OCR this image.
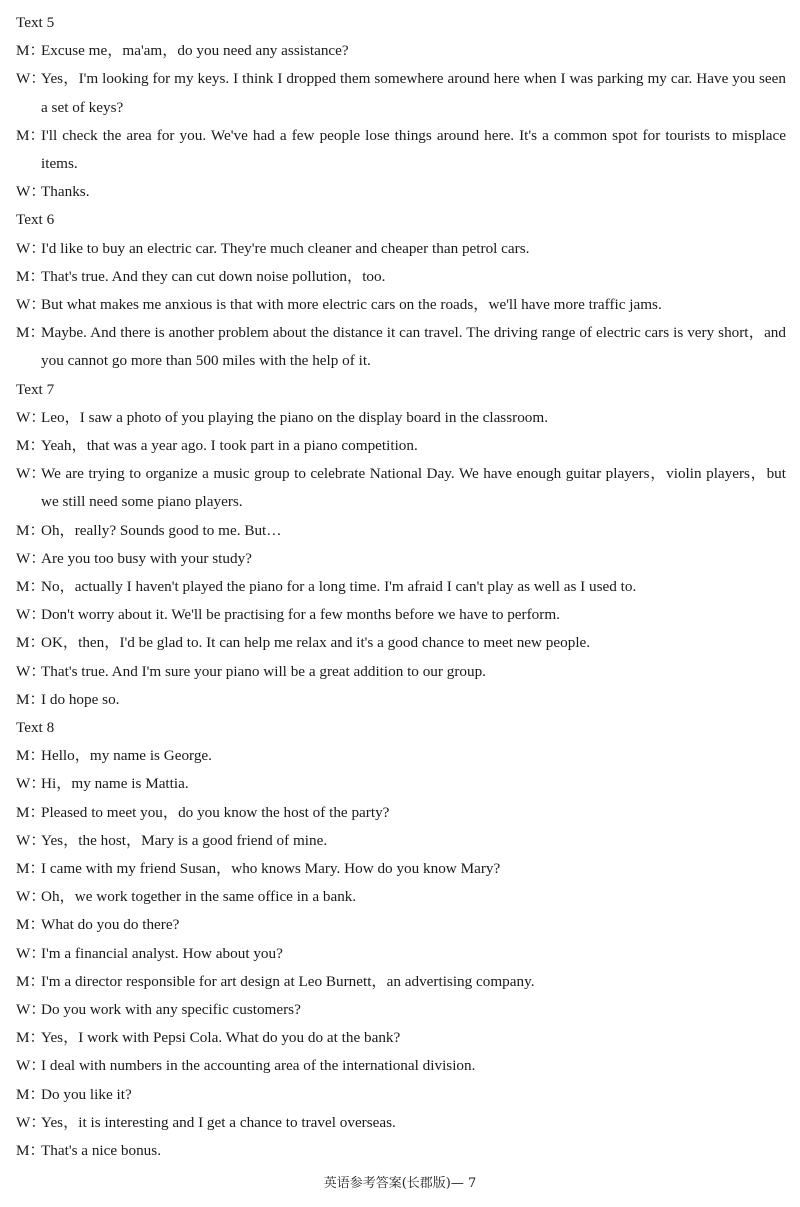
Text 5
M：
Excuse me，ma'am，do you need any assistance?
W：
Yes，I'm looking for my keys. I think I dropped them somewhere around here when I was parking my car. Have you seen a set of keys?
M：
I'll check the area for you. We've had a few people lose things around here. It's a common spot for tourists to misplace items.
W：
Thanks.
Text 6
W：
I'd like to buy an electric car. They're much cleaner and cheaper than petrol cars.
M：
That's true. And they can cut down noise pollution，too.
W：
But what makes me anxious is that with more electric cars on the roads，we'll have more traffic jams.
M：
Maybe. And there is another problem about the distance it can travel. The driving range of electric cars is very short，and you cannot go more than 500 miles with the help of it.
Text 7
W：
Leo，I saw a photo of you playing the piano on the display board in the classroom.
M：
Yeah，that was a year ago. I took part in a piano competition.
W：
We are trying to organize a music group to celebrate National Day. We have enough guitar players，violin players，but we still need some piano players.
M：
Oh，really? Sounds good to me. But…
W：
Are you too busy with your study?
M：
No，actually I haven't played the piano for a long time. I'm afraid I can't play as well as I used to.
W：
Don't worry about it. We'll be practising for a few months before we have to perform.
M：
OK，then，I'd be glad to. It can help me relax and it's a good chance to meet new people.
W：
That's true. And I'm sure your piano will be a great addition to our group.
M：
I do hope so.
Text 8
M：
Hello，my name is George.
W：
Hi，my name is Mattia.
M：
Pleased to meet you，do you know the host of the party?
W：
Yes，the host，Mary is a good friend of mine.
M：
I came with my friend Susan，who knows Mary. How do you know Mary?
W：
Oh，we work together in the same office in a bank.
M：
What do you do there?
W：
I'm a financial analyst. How about you?
M：
I'm a director responsible for art design at Leo Burnett，an advertising company.
W：
Do you work with any specific customers?
M：
Yes，I work with Pepsi Cola. What do you do at the bank?
W：
I deal with numbers in the accounting area of the international division.
M：
Do you like it?
W：
Yes，it is interesting and I get a chance to travel overseas.
M：
That's a nice bonus.
英语参考答案(长郡版)— 7
